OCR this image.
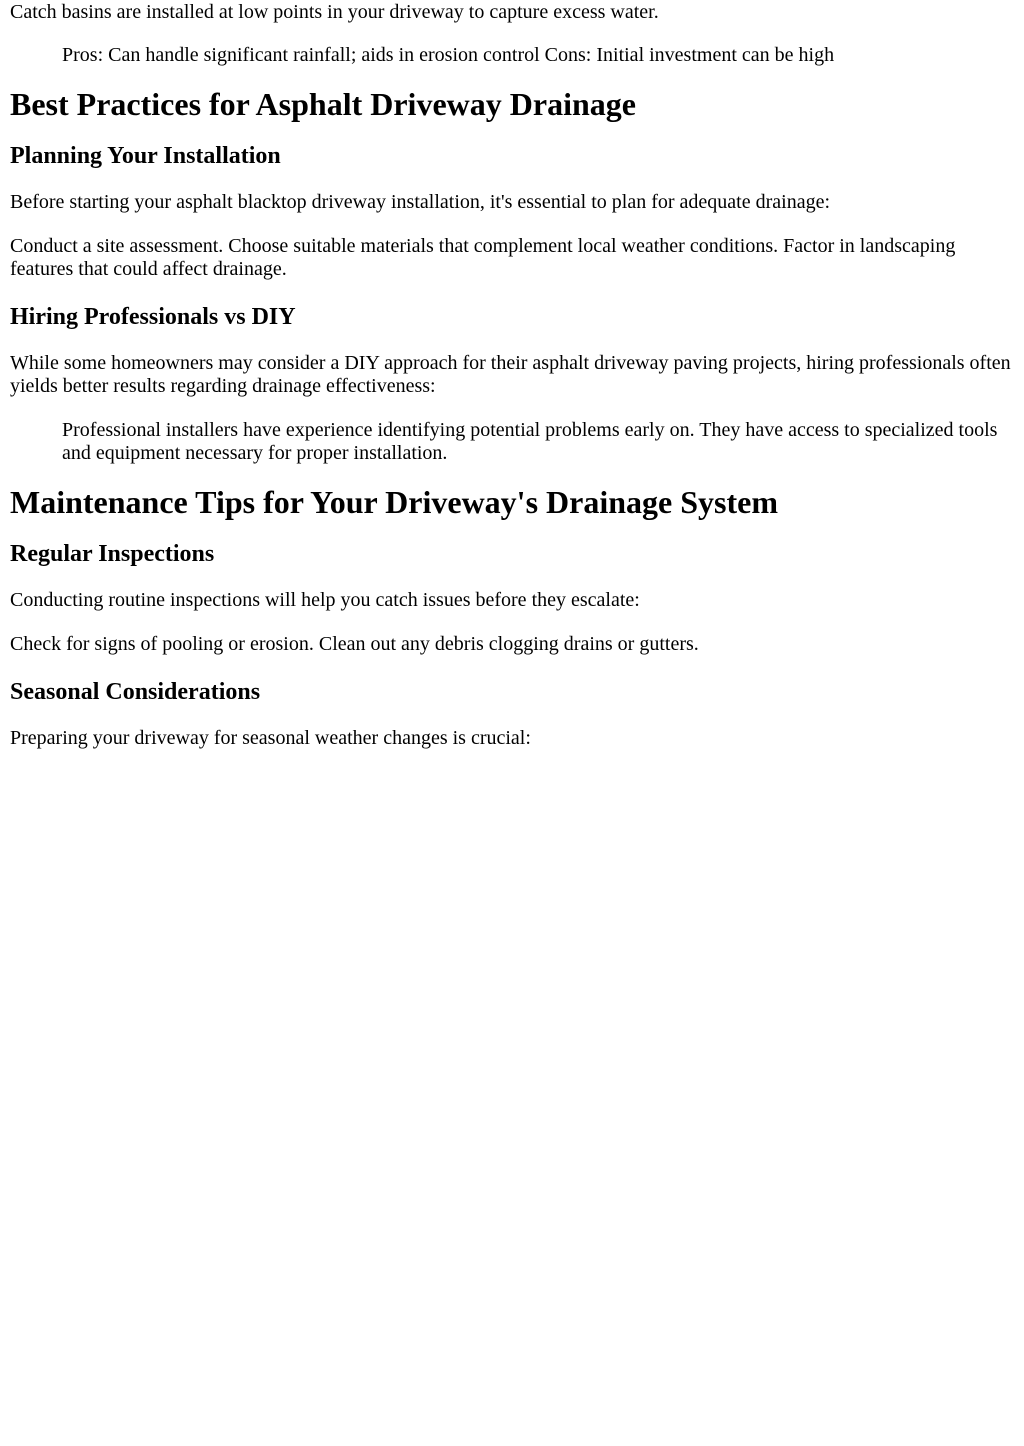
Catch basins are installed at low points in your driveway to capture excess water.

Pros: Can handle significant rainfall; aids in erosion control Cons: Initial investment can be high
Best Practices for Asphalt Driveway Drainage
Planning Your Installation

Before starting your asphalt blacktop driveway installation, it's essential to plan for adequate drainage:

Conduct a site assessment. Choose suitable materials that complement local weather conditions. Factor in landscaping features that could affect drainage.

Hiring Professionals vs DIY

While some homeowners may consider a DIY approach for their asphalt driveway paving projects, hiring professionals often yields better results regarding drainage effectiveness:

Professional installers have experience identifying potential problems early on. They have access to specialized tools and equipment necessary for proper installation.
Maintenance Tips for Your Driveway's Drainage System
Regular Inspections

Conducting routine inspections will help you catch issues before they escalate:

Check for signs of pooling or erosion. Clean out any debris clogging drains or gutters.

Seasonal Considerations

Preparing your driveway for seasonal weather changes is crucial:
